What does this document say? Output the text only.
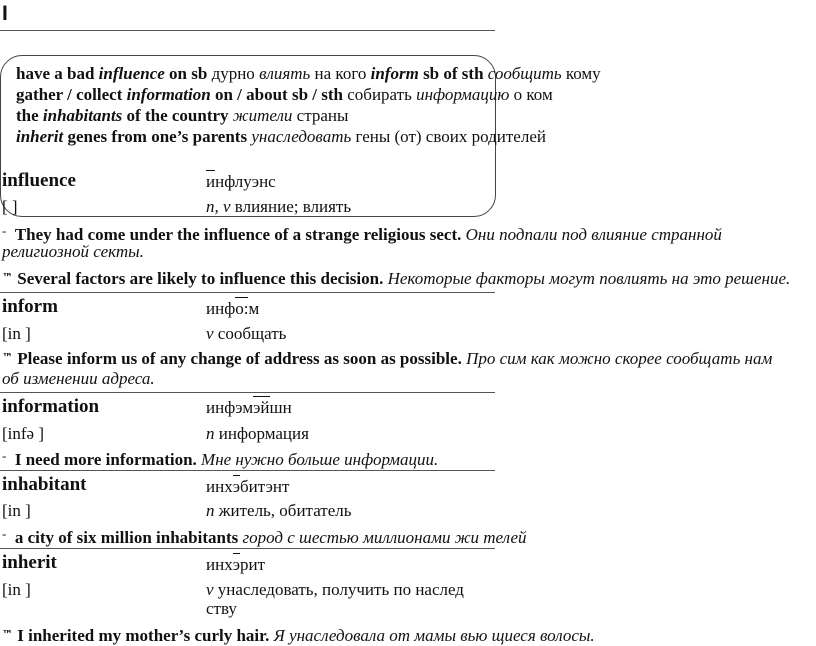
I
have a bad influence on sb дурно влиять на кого inform sb of sth сообщить кому
gather / collect information on / about sb / sth собирать информацию о ком
the inhabitants of the country жители страны
inherit genes from one’s parents унаследовать гены (от) своих родителей
influence	инфлуэнс
[ ]	n, v влияние; влиять
- They had come under the influence of a strange religious sect. Они подпали под влияние странной
религиозной секты.
™ Several factors are likely to influence this decision. Некоторые факторы могут повлиять на это решение.
inform	инфо:м
[in ]	v сообщать
™ Please inform us of any change of address as soon as possible. Про сим как можно скорее сообщать нам
об изменении адреса.
information	инфэмэйшн
[infə ]	n информация
- I need more information. Мне нужно больше информации.
inhabitant	инхэбитэнт
[in ]	n житель, обитатель
- a city of six million inhabitants город с шестью миллионами жи телей
inherit	инхэрит
[in ]	v унаследовать, получить по наслед
ству
™ I inherited my mother’s curly hair. Я унаследовала от мамы вью щиеся волосы.
